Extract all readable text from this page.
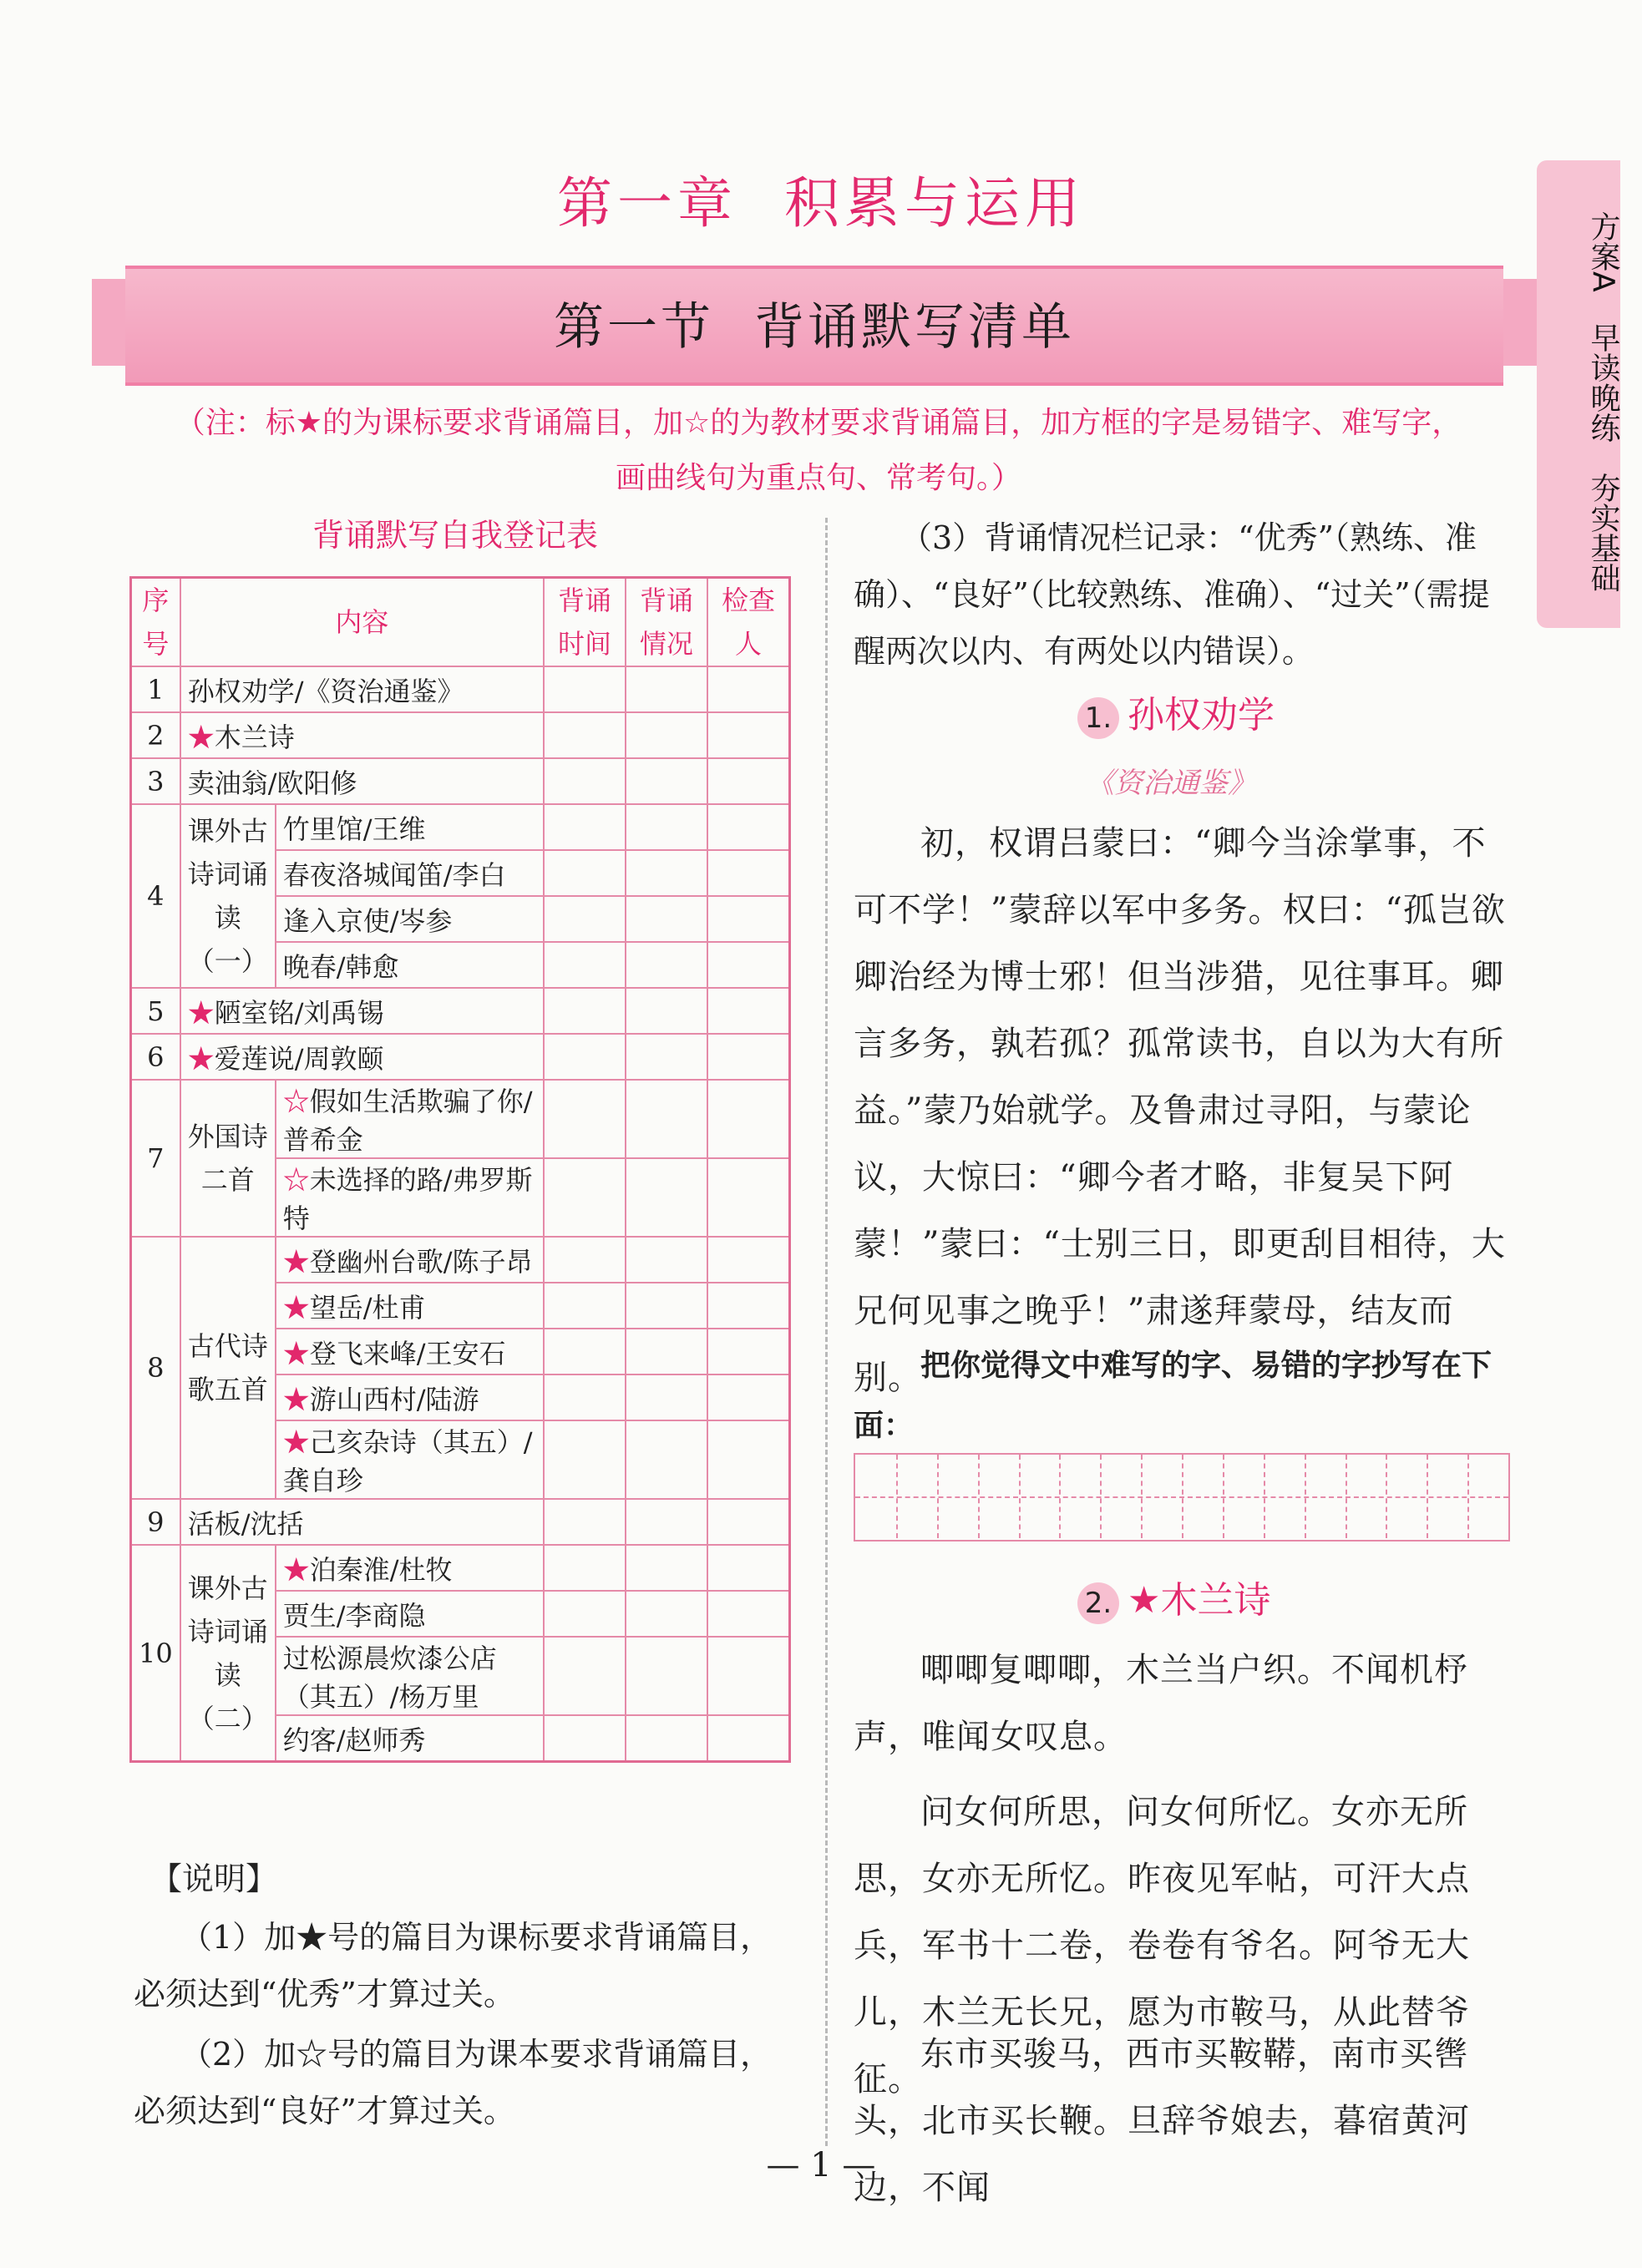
第一章 积累与运用
第一节 背诵默写清单	方案A　早读晚练　夯实基础
（注：标★的为课标要求背诵篇目，加☆的为教材要求背诵篇目，加方框的字是易错字、难写字，
画曲线句为重点句、常考句。）
背诵默写自我登记表
序号	内容		背诵时间	背诵情况	检查人
1	孙权劝学/《资治通鉴》				
2	★木兰诗				
3	卖油翁/欧阳修				
4	课外古诗词诵读（一）	竹里馆/王维			
		春夜洛城闻笛/李白			
		逢入京使/岑参			
		晚春/韩愈			
5	★陋室铭/刘禹锡				
6	★爱莲说/周敦颐				
7	外国诗二首	☆假如生活欺骗了你/普希金			
		☆未选择的路/弗罗斯特			
8	古代诗歌五首	★登幽州台歌/陈子昂			
		★望岳/杜甫			
		★登飞来峰/王安石			
		★游山西村/陆游			
		★己亥杂诗（其五）/龚自珍			
9	活板/沈括				
10	课外古诗词诵读（二）	★泊秦淮/杜牧			
		贾生/李商隐			
		过松源晨炊漆公店（其五）/杨万里			
		约客/赵师秀			
【说明】
（1）加★号的篇目为课标要求背诵篇目，必须达到“优秀”才算过关。
（2）加☆号的篇目为课本要求背诵篇目，必须达到“良好”才算过关。
（3）背诵情况栏记录：“优秀”（熟练、准确）、“良好”（比较熟练、准确）、“过关”（需提醒两次以内、有两处以内错误）。
1. 孙权劝学
《资治通鉴》
初，权谓吕蒙曰：“卿今当涂掌事，不可不学！”蒙辞以军中多务。权曰：“孤岂欲卿治经为博士邪！但当涉猎，见往事耳。卿言多务，孰若孤？孤常读书，自以为大有所益。”蒙乃始就学。及鲁肃过寻阳，与蒙论议，大惊曰：“卿今者才略，非复吴下阿蒙！”蒙曰：“士别三日，即更刮目相待，大兄何见事之晚乎！”肃遂拜蒙母，结友而别。
把你觉得文中难写的字、易错的字抄写在下面：
2. ★木兰诗
唧唧复唧唧，木兰当户织。不闻机杼声，唯闻女叹息。
问女何所思，问女何所忆。女亦无所思，女亦无所忆。昨夜见军帖，可汗大点兵，军书十二卷，卷卷有爷名。阿爷无大儿，木兰无长兄，愿为市鞍马，从此替爷征。
东市买骏马，西市买鞍鞯，南市买辔头，北市买长鞭。旦辞爷娘去，暮宿黄河边，不闻
— 1 —
